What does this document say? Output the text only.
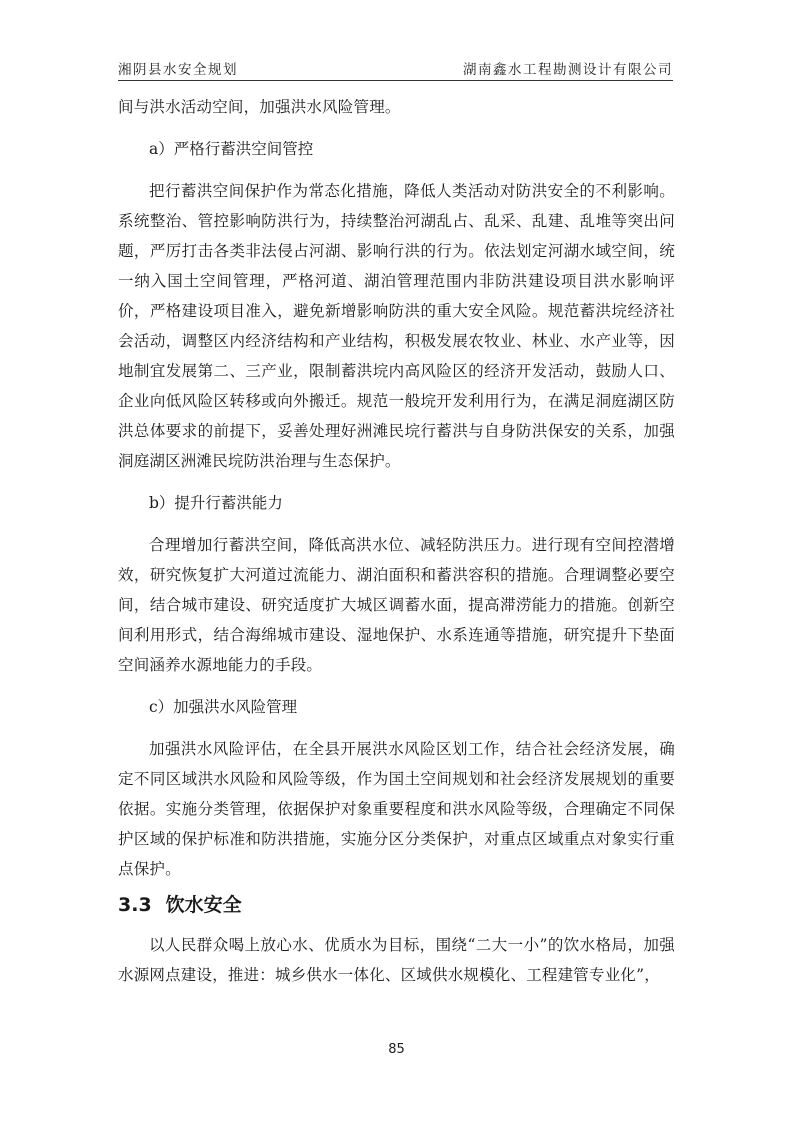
湘阴县水安全规划	湖南鑫水工程勘测设计有限公司

间与洪水活动空间，加强洪水风险管理。

a）严格行蓄洪空间管控

把行蓄洪空间保护作为常态化措施，降低人类活动对防洪安全的不利影响。系统整治、管控影响防洪行为，持续整治河湖乱占、乱采、乱建、乱堆等突出问题，严厉打击各类非法侵占河湖、影响行洪的行为。依法划定河湖水域空间，统一纳入国土空间管理，严格河道、湖泊管理范围内非防洪建设项目洪水影响评价，严格建设项目准入，避免新增影响防洪的重大安全风险。规范蓄洪垸经济社会活动，调整区内经济结构和产业结构，积极发展农牧业、林业、水产业等，因地制宜发展第二、三产业，限制蓄洪垸内高风险区的经济开发活动，鼓励人口、企业向低风险区转移或向外搬迁。规范一般垸开发利用行为，在满足洞庭湖区防洪总体要求的前提下，妥善处理好洲滩民垸行蓄洪与自身防洪保安的关系，加强洞庭湖区洲滩民垸防洪治理与生态保护。

b）提升行蓄洪能力

合理增加行蓄洪空间，降低高洪水位、减轻防洪压力。进行现有空间控潜增效，研究恢复扩大河道过流能力、湖泊面积和蓄洪容积的措施。合理调整必要空间，结合城市建设、研究适度扩大城区调蓄水面，提高滞涝能力的措施。创新空间利用形式，结合海绵城市建设、湿地保护、水系连通等措施，研究提升下垫面空间涵养水源地能力的手段。

c）加强洪水风险管理

加强洪水风险评估，在全县开展洪水风险区划工作，结合社会经济发展，确定不同区域洪水风险和风险等级，作为国土空间规划和社会经济发展规划的重要依据。实施分类管理，依据保护对象重要程度和洪水风险等级，合理确定不同保护区域的保护标准和防洪措施，实施分区分类保护，对重点区域重点对象实行重点保护。

3.3 饮水安全

以人民群众喝上放心水、优质水为目标，围绕“二大一小”的饮水格局，加强水源网点建设，推进：城乡供水一体化、区域供水规模化、工程建管专业化”，

85
